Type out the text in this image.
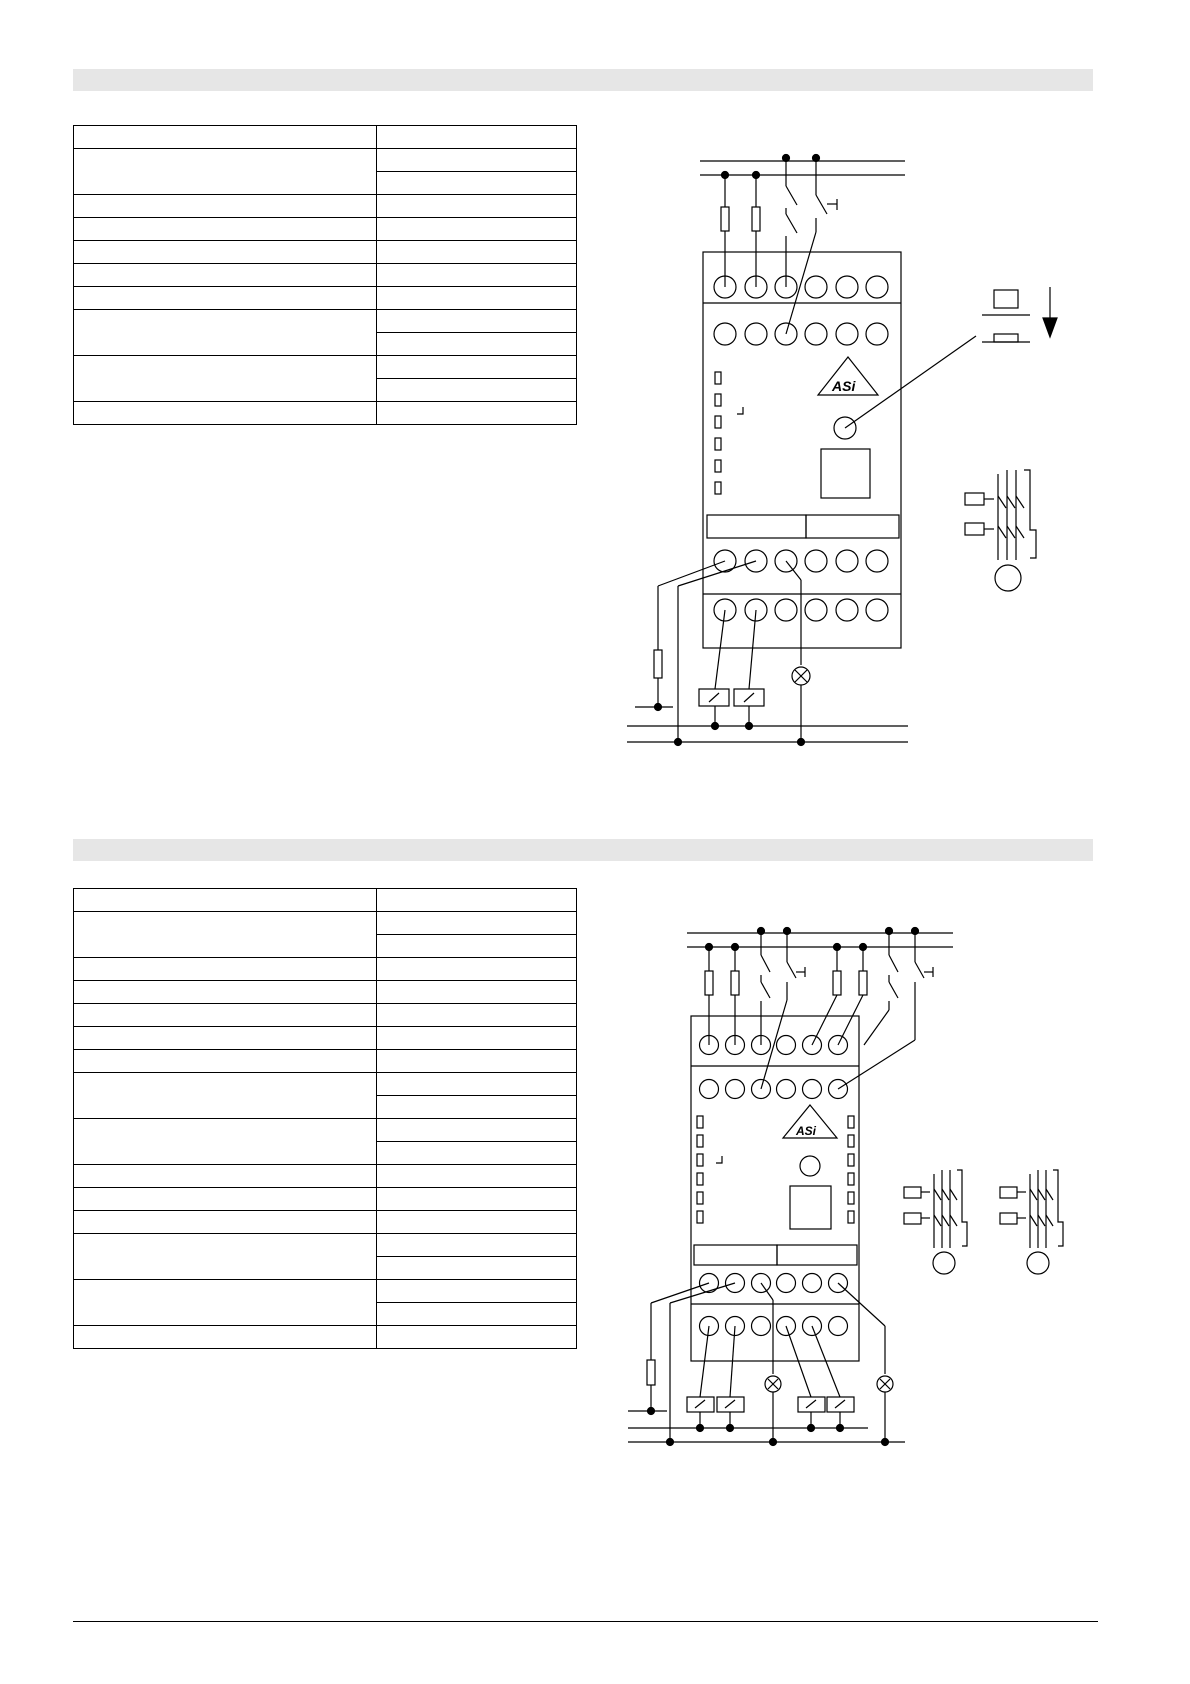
ASi
ASi
